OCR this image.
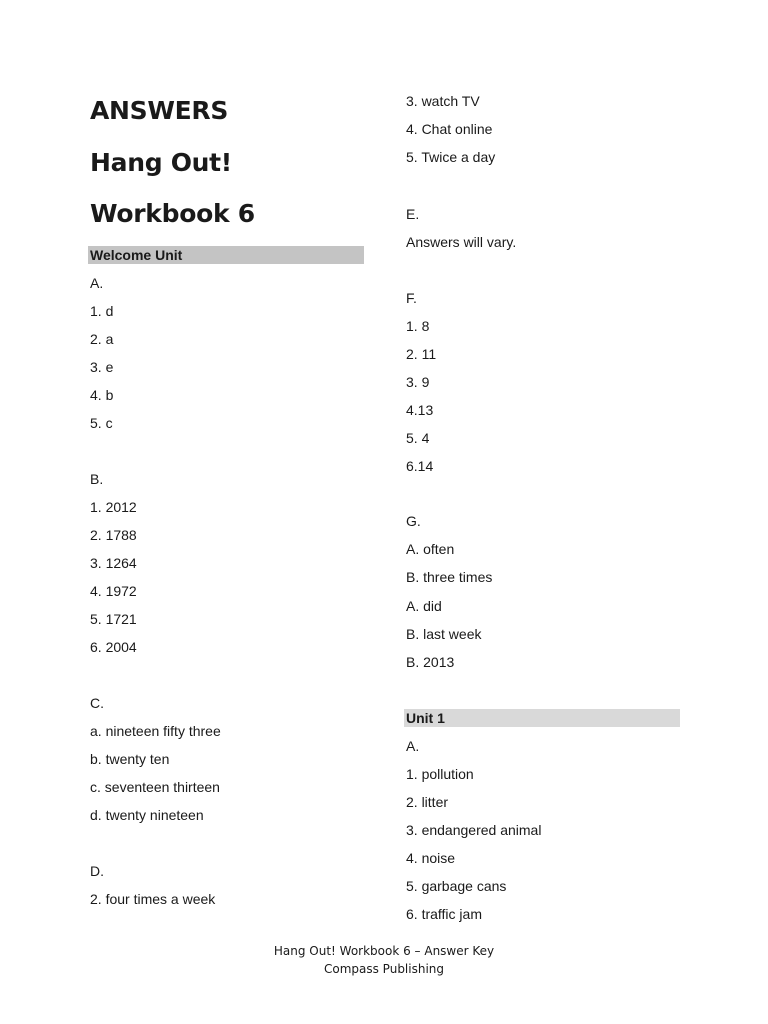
ANSWERS
Hang Out!
Workbook 6
Welcome Unit
A.
1. d
2. a
3. e
4. b
5. c
B.
1. 2012
2. 1788
3. 1264
4. 1972
5. 1721
6. 2004
C.
a. nineteen fifty three
b. twenty ten
c. seventeen thirteen
d. twenty nineteen
D.
2. four times a week
3. watch TV
4. Chat online
5. Twice a day
E.
Answers will vary.
F.
1. 8
2. 11
3. 9
4.13
5. 4
6.14
G.
A. often
B. three times
A. did
B. last week
B. 2013
Unit 1
A.
1. pollution
2. litter
3. endangered animal
4. noise
5. garbage cans
6. traffic jam
Hang Out! Workbook 6 – Answer Key
Compass Publishing
